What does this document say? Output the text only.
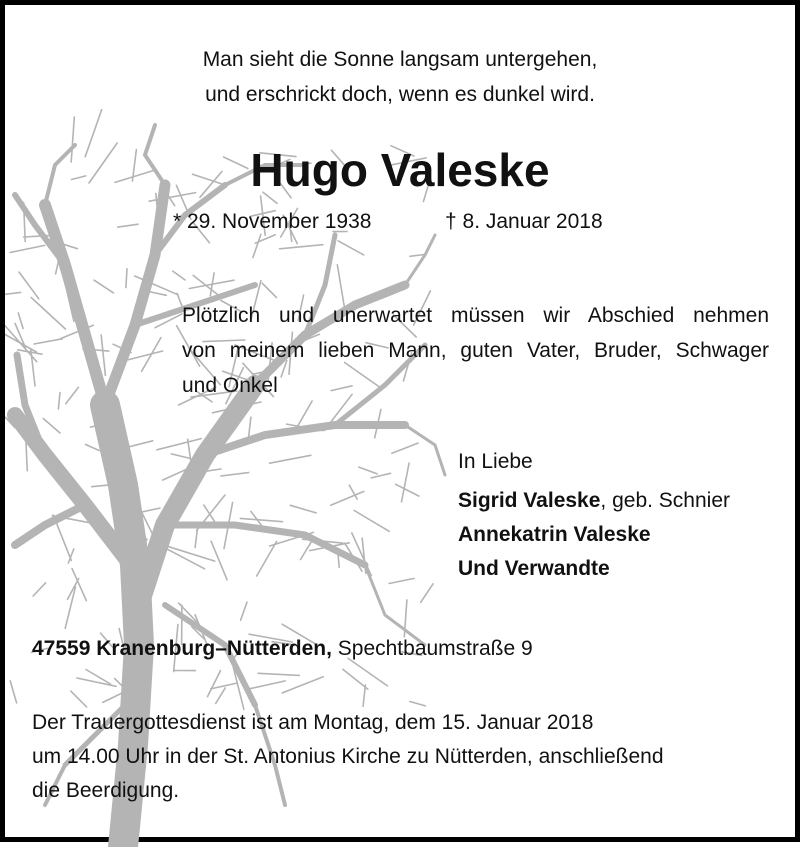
Man sieht die Sonne langsam untergehen,
und erschrickt doch, wenn es dunkel wird.
Hugo Valeske
* 29. November 1938	† 8. Januar 2018
Plötzlich und unerwartet müssen wir Abschied nehmen
von meinem lieben Mann, guten Vater, Bruder, Schwager
und Onkel
In Liebe
Sigrid Valeske, geb. Schnier
Annekatrin Valeske
Und Verwandte
47559 Kranenburg–Nütterden, Spechtbaumstraße 9
Der Trauergottesdienst ist am Montag, dem 15. Januar 2018
um 14.00 Uhr in der St. Antonius Kirche zu Nütterden, anschließend
die Beerdigung.
